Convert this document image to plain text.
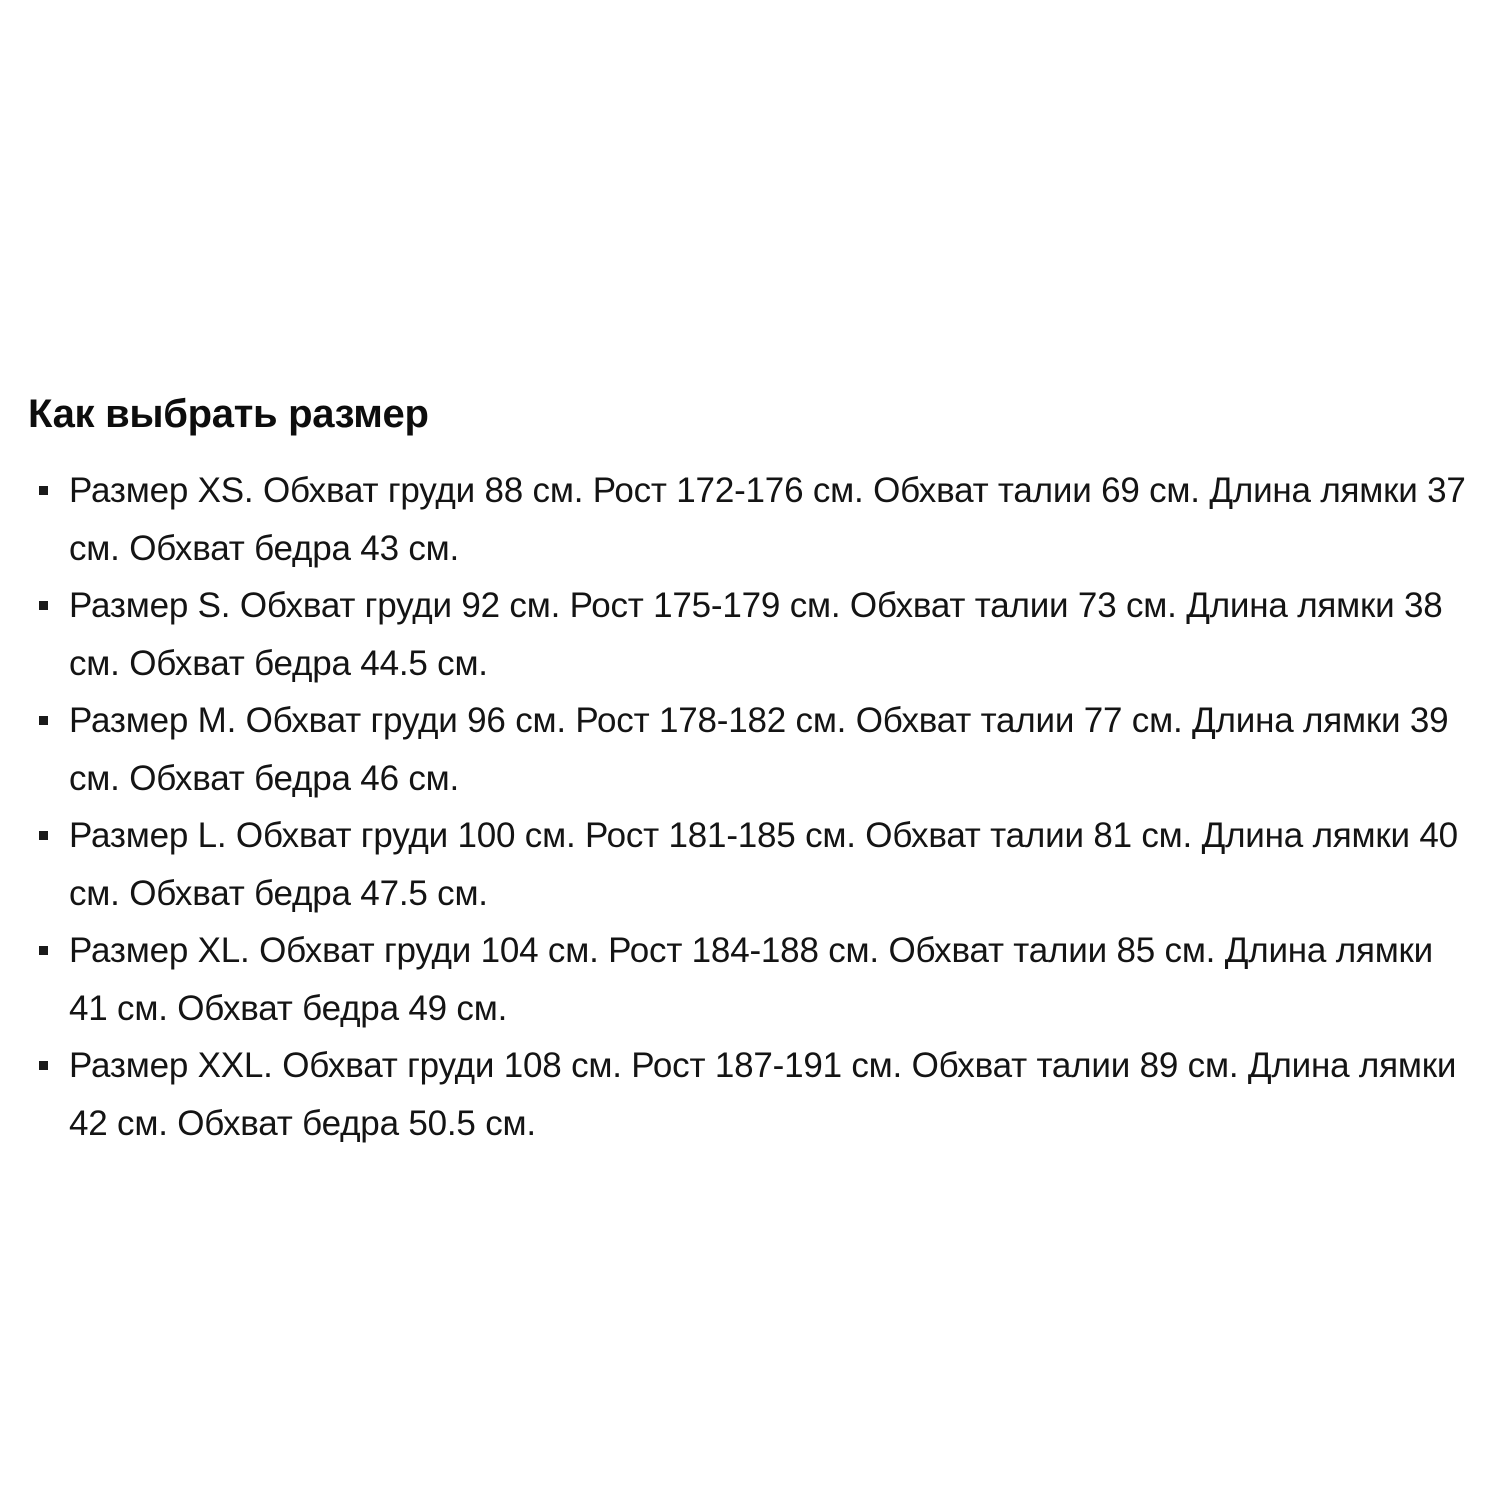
Как выбрать размер
Размер XS. Обхват груди 88 см. Рост 172-176 см. Обхват талии 69 см. Длина лямки 37 см. Обхват бедра 43 см.
Размер S. Обхват груди 92 см. Рост 175-179 см. Обхват талии 73 см. Длина лямки 38 см. Обхват бедра 44.5 см.
Размер M. Обхват груди 96 см. Рост 178-182 см. Обхват талии 77 см. Длина лямки 39 см. Обхват бедра 46 см.
Размер L. Обхват груди 100 см. Рост 181-185 см. Обхват талии 81 см. Длина лямки 40 см. Обхват бедра 47.5 см.
Размер XL. Обхват груди 104 см. Рост 184-188 см. Обхват талии 85 см. Длина лямки 41 см. Обхват бедра 49 см.
Размер XXL. Обхват груди 108 см. Рост 187-191 см. Обхват талии 89 см. Длина лямки 42 см. Обхват бедра 50.5 см.
